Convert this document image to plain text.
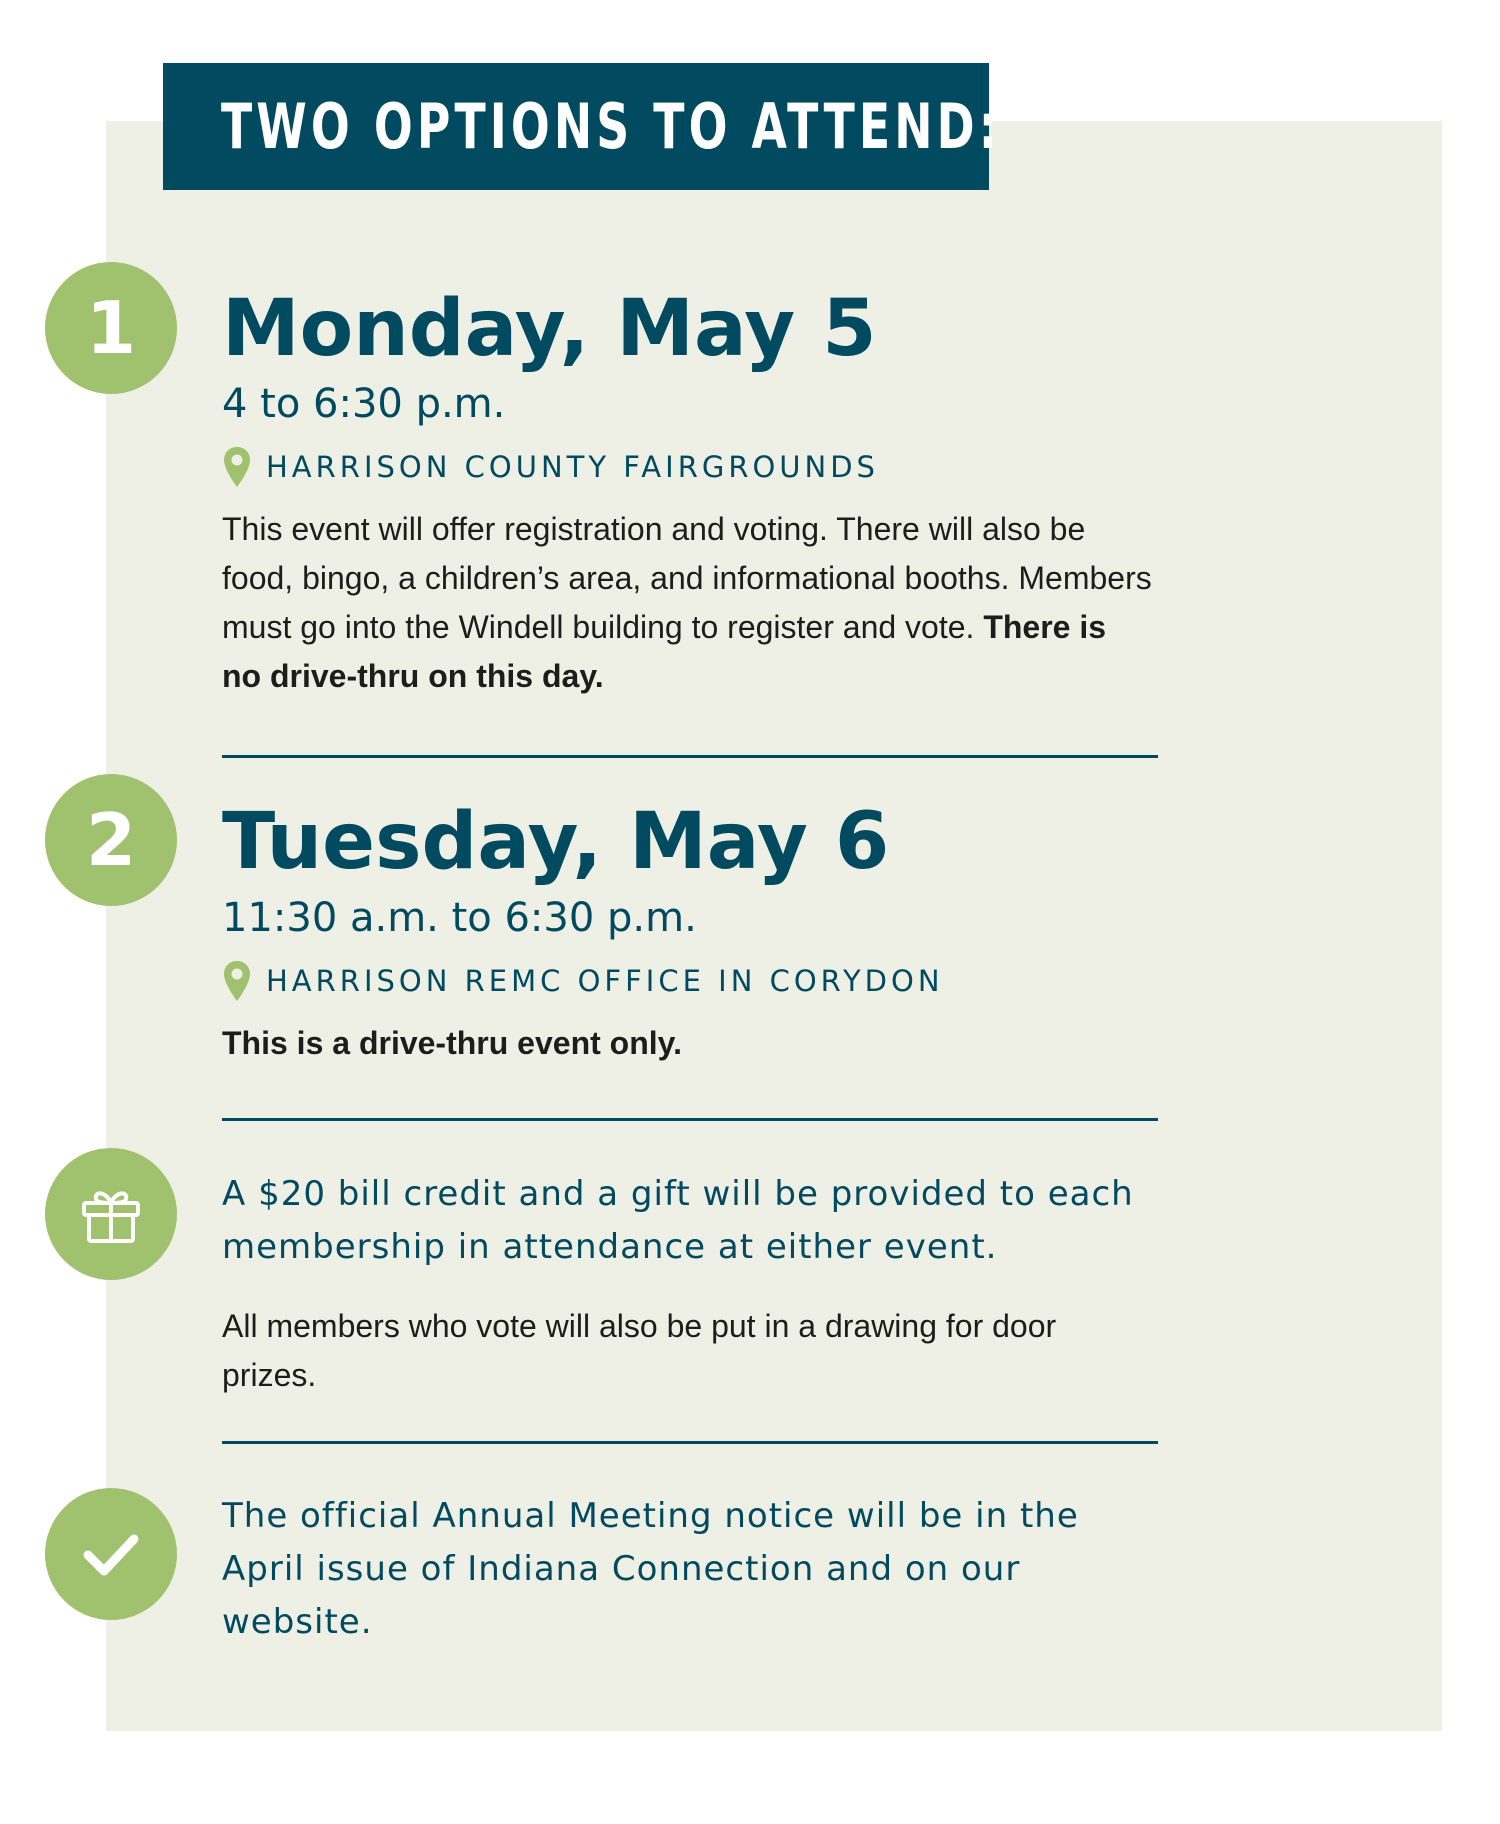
TWO OPTIONS TO ATTEND:
1 Monday, May 5
4 to 6:30 p.m.
HARRISON COUNTY FAIRGROUNDS
This event will offer registration and voting. There will also be food, bingo, a children’s area, and informational booths. Members must go into the Windell building to register and vote. There is no drive-thru on this day.
2 Tuesday, May 6
11:30 a.m. to 6:30 p.m.
HARRISON REMC OFFICE IN CORYDON
This is a drive-thru event only.
A $20 bill credit and a gift will be provided to each membership in attendance at either event.
All members who vote will also be put in a drawing for door prizes.
The official Annual Meeting notice will be in the April issue of Indiana Connection and on our website.
